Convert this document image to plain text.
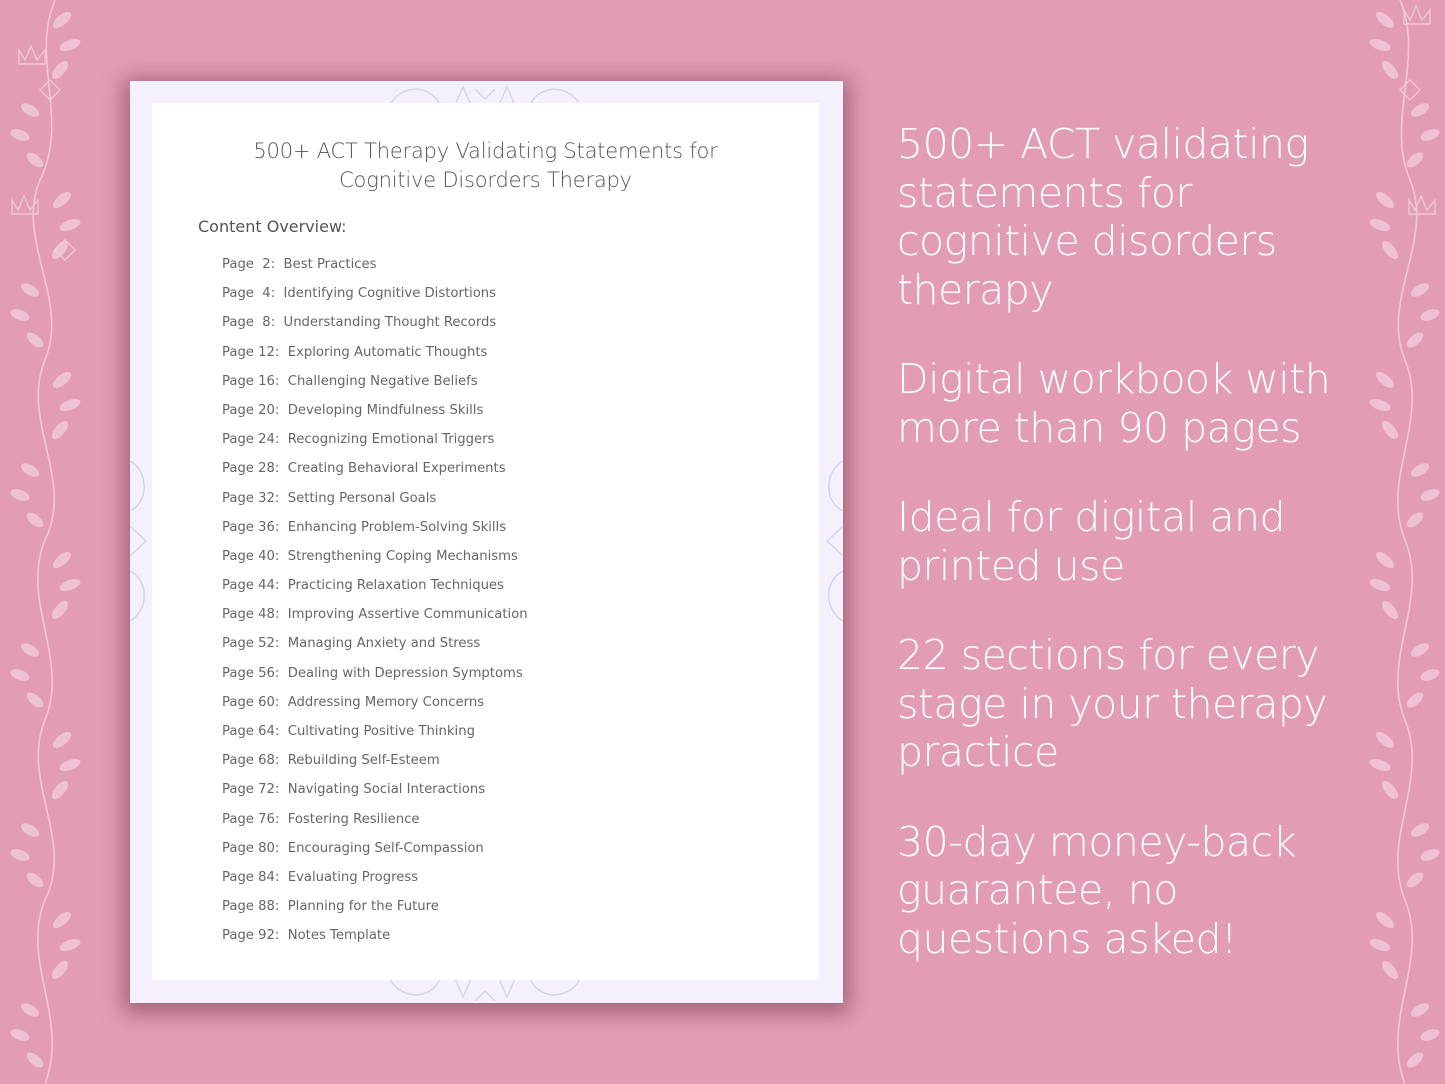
500+ ACT Therapy Validating Statements for
Cognitive Disorders Therapy
Content Overview:
Page  2: Best Practices
Page  4: Identifying Cognitive Distortions
Page  8: Understanding Thought Records
Page 12: Exploring Automatic Thoughts
Page 16: Challenging Negative Beliefs
Page 20: Developing Mindfulness Skills
Page 24: Recognizing Emotional Triggers
Page 28: Creating Behavioral Experiments
Page 32: Setting Personal Goals
Page 36: Enhancing Problem-Solving Skills
Page 40: Strengthening Coping Mechanisms
Page 44: Practicing Relaxation Techniques
Page 48: Improving Assertive Communication
Page 52: Managing Anxiety and Stress
Page 56: Dealing with Depression Symptoms
Page 60: Addressing Memory Concerns
Page 64: Cultivating Positive Thinking
Page 68: Rebuilding Self-Esteem
Page 72: Navigating Social Interactions
Page 76: Fostering Resilience
Page 80: Encouraging Self-Compassion
Page 84: Evaluating Progress
Page 88: Planning for the Future
Page 92: Notes Template
500+ ACT validating
statements for
cognitive disorders
therapy
Digital workbook with
more than 90 pages
Ideal for digital and
printed use
22 sections for every
stage in your therapy
practice
30-day money-back
guarantee, no
questions asked!
